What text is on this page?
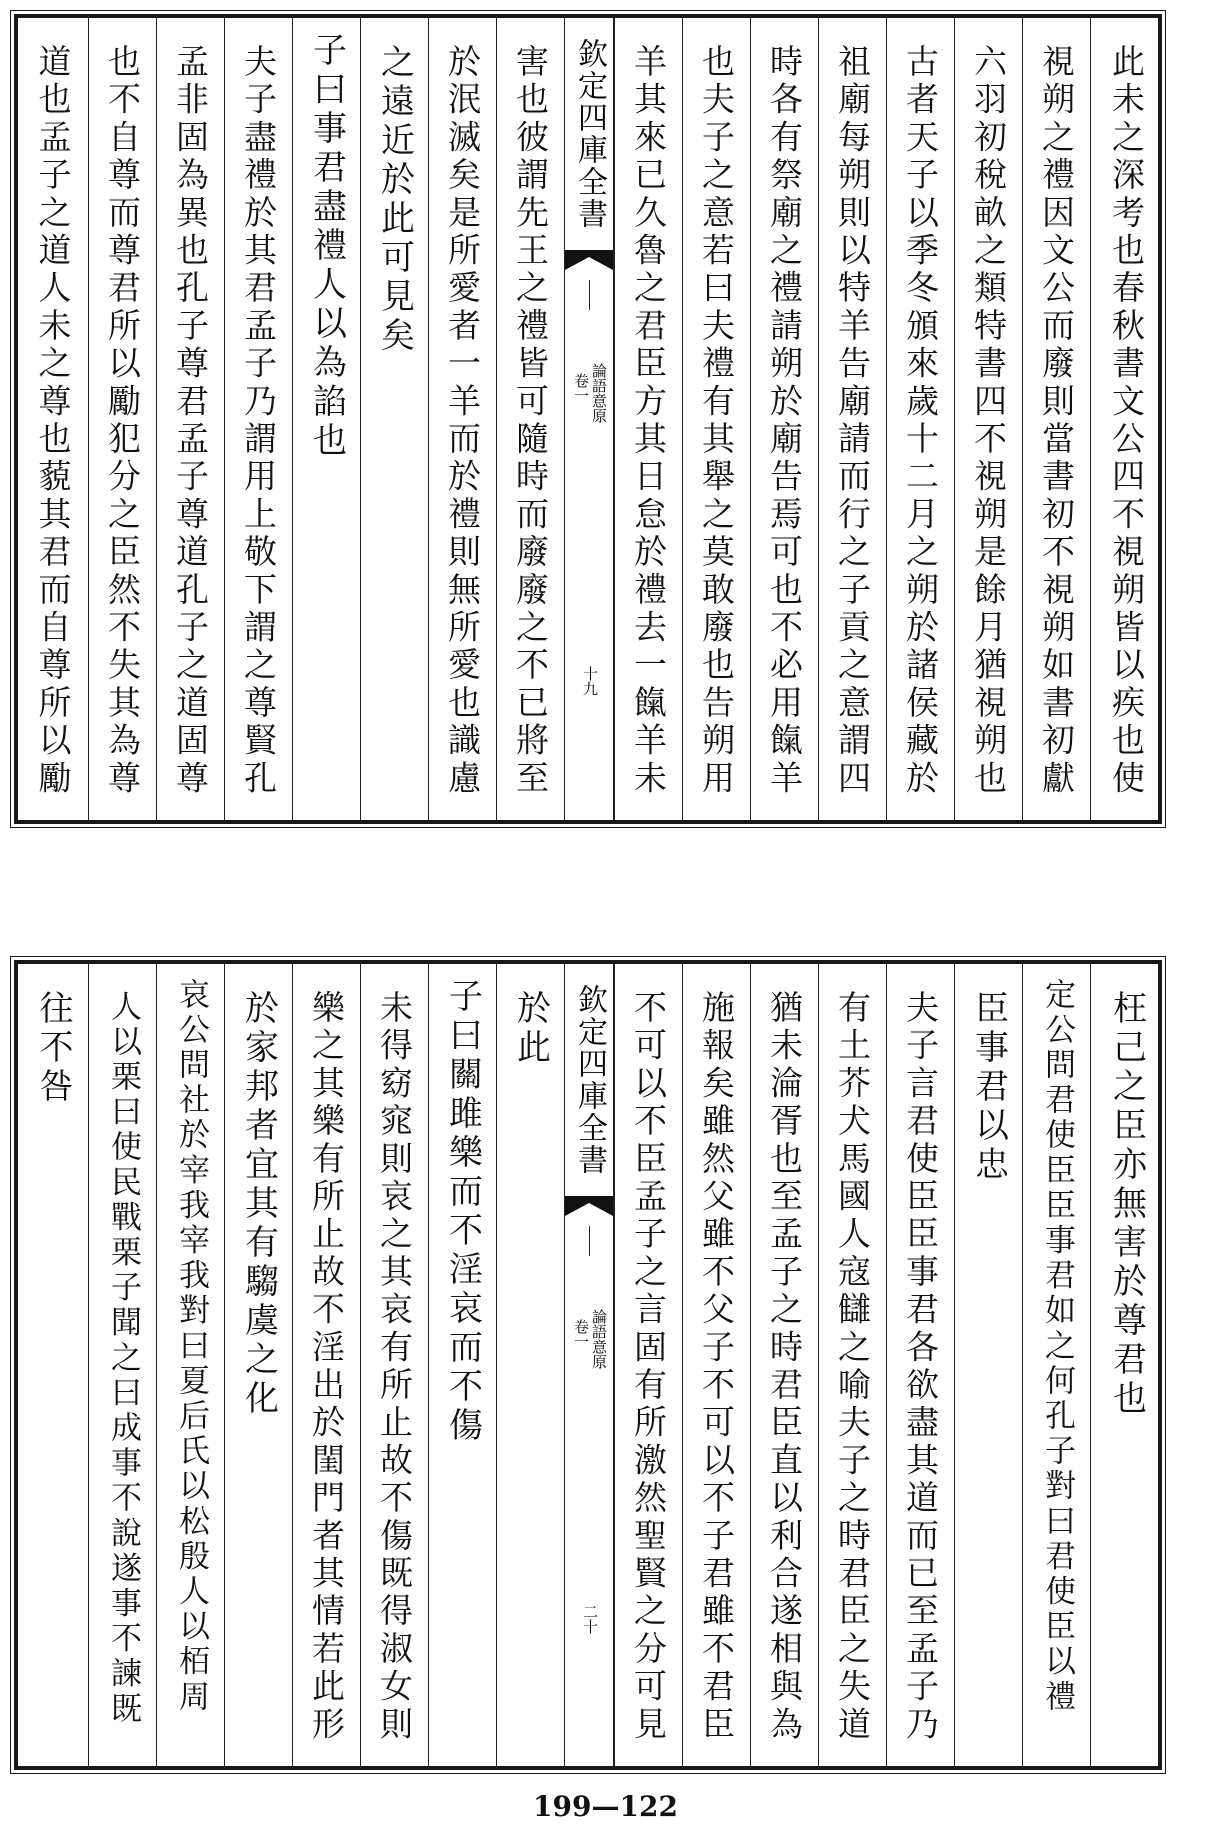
此未之深考也春秋書文公四不視朔皆以疾也使
視朔之禮因文公而廢則當書初不視朔如書初獻
六羽初稅畝之類特書四不視朔是餘月猶視朔也
古者天子以季冬頒來歲十二月之朔於諸侯藏於
祖廟每朔則以特羊告廟請而行之子貢之意謂四
時各有祭廟之禮請朔於廟告焉可也不必用餼羊
也夫子之意若曰夫禮有其舉之莫敢廢也告朔用
羊其來已久魯之君臣方其日怠於禮去一餼羊未
欽定四庫全書
論語意原
卷一
十九
害也彼謂先王之禮皆可隨時而廢廢之不已將至
於泯滅矣是所愛者一羊而於禮則無所愛也識慮
之遠近於此可見矣
子曰事君盡禮人以為諂也
夫子盡禮於其君孟子乃謂用上敬下謂之尊賢孔
孟非固為異也孔子尊君孟子尊道孔子之道固尊
也不自尊而尊君所以勵犯分之臣然不失其為尊
道也孟子之道人未之尊也藐其君而自尊所以勵
枉己之臣亦無害於尊君也
定公問君使臣臣事君如之何孔子對曰君使臣以禮
臣事君以忠
夫子言君使臣臣事君各欲盡其道而已至孟子乃
有土芥犬馬國人寇讎之喻夫子之時君臣之失道
猶未淪胥也至孟子之時君臣直以利合遂相與為
施報矣雖然父雖不父子不可以不子君雖不君臣
不可以不臣孟子之言固有所激然聖賢之分可見
欽定四庫全書
論語意原
卷一
二十
於此
子曰關雎樂而不淫哀而不傷
未得窈窕則哀之其哀有所止故不傷既得淑女則
樂之其樂有所止故不淫出於閨門者其情若此形
於家邦者宜其有騶虞之化
哀公問社於宰我宰我對曰夏后氏以松殷人以栢周
人以栗曰使民戰栗子聞之曰成事不說遂事不諫既
往不咎
199—122
